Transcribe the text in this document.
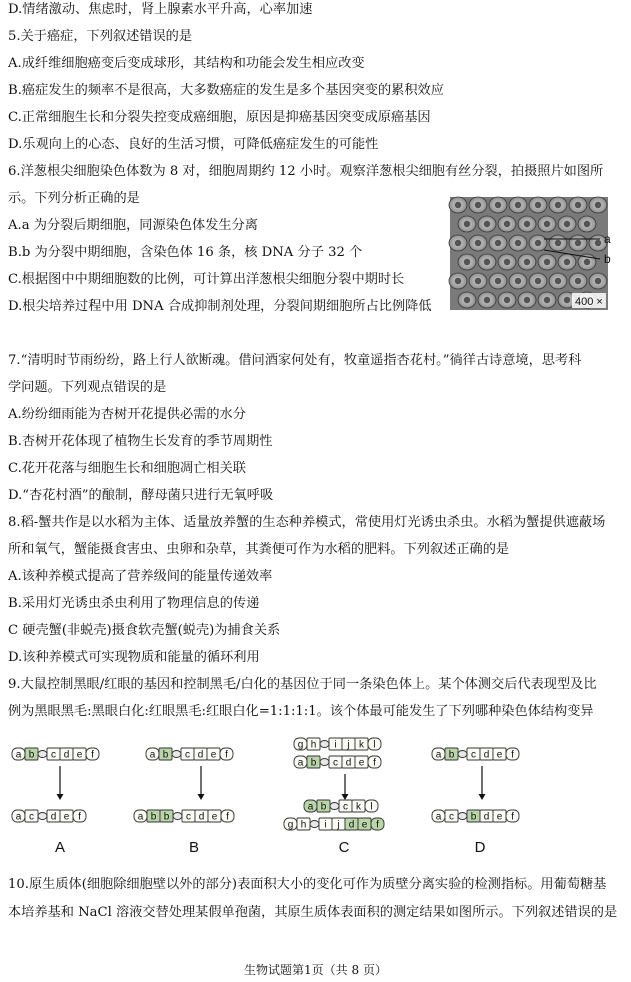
D.情绪激动、焦虑时，肾上腺素水平升高，心率加速
5.关于癌症，下列叙述错误的是
A.成纤维细胞癌变后变成球形，其结构和功能会发生相应改变
B.癌症发生的频率不是很高，大多数癌症的发生是多个基因突变的累积效应
C.正常细胞生长和分裂失控变成癌细胞，原因是抑癌基因突变成原癌基因
D.乐观向上的心态、良好的生活习惯，可降低癌症发生的可能性
6.洋葱根尖细胞染色体数为 8 对，细胞周期约 12 小时。观察洋葱根尖细胞有丝分裂，拍摄照片如图所
示。下列分析正确的是
A.a 为分裂后期细胞，同源染色体发生分离
B.b 为分裂中期细胞，含染色体 16 条，核 DNA 分子 32 个
C.根据图中中期细胞数的比例，可计算出洋葱根尖细胞分裂中期时长
D.根尖培养过程中用 DNA 合成抑制剂处理，分裂间期细胞所占比例降低
7.“清明时节雨纷纷，路上行人欲断魂。借问酒家何处有，牧童遥指杏花村。”徜徉古诗意境，思考科
学问题。下列观点错误的是
A.纷纷细雨能为杏树开花提供必需的水分
B.杏树开花体现了植物生长发育的季节周期性
C.花开花落与细胞生长和细胞凋亡相关联
D.“杏花村酒”的酿制，酵母菌只进行无氧呼吸
8.稻-蟹共作是以水稻为主体、适量放养蟹的生态种养模式，常使用灯光诱虫杀虫。水稻为蟹提供遮蔽场
所和氧气，蟹能摄食害虫、虫卵和杂草，其粪便可作为水稻的肥料。下列叙述正确的是
A.该种养模式提高了营养级间的能量传递效率
B.采用灯光诱虫杀虫利用了物理信息的传递
C 硬壳蟹(非蜕壳)摄食软壳蟹(蜕壳)为捕食关系
D.该种养模式可实现物质和能量的循环利用
9.大鼠控制黑眼/红眼的基因和控制黑毛/白化的基因位于同一条染色体上。某个体测交后代表现型及比
例为黑眼黑毛:黑眼白化:红眼黑毛:红眼白化=1:1:1:1。该个体最可能发生了下列哪种染色体结构变异
10.原生质体(细胞除细胞壁以外的部分)表面积大小的变化可作为质壁分离实验的检测指标。用葡萄糖基
本培养基和 NaCl 溶液交替处理某假单孢菌，其原生质体表面积的测定结果如图所示。下列叙述错误的是
a
b
400 ×
a b c d e f
a c d e f
A
a b c d e f
a b b c d e f
B
g h i j k l
a b c d e f
a b c k l
g h i j d e f
C
a b c d e f
a c b d e f
D
生物试题第1页（共 8 页）
